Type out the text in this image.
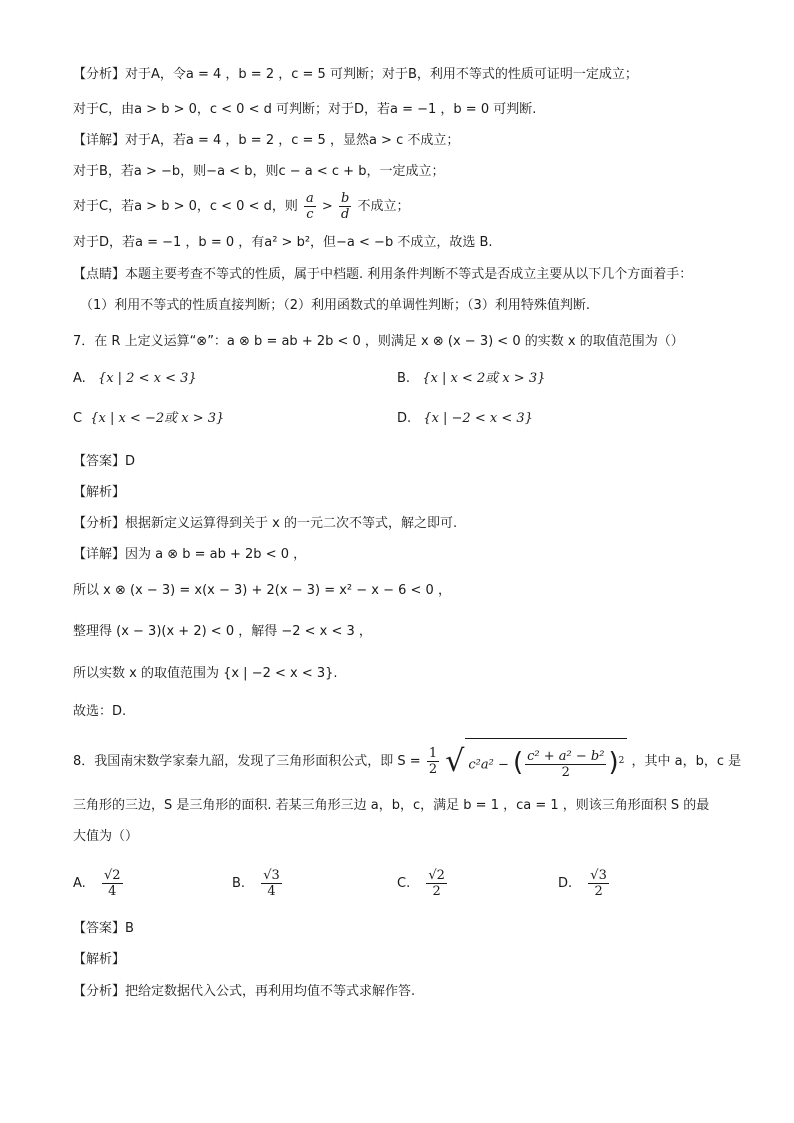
【分析】对于A，令a = 4 ，b = 2 ，c = 5 可判断；对于B，利用不等式的性质可证明一定成立；
对于C，由a > b > 0，c < 0 < d 可判断；对于D，若a = −1 ，b = 0 可判断.
【详解】对于A，若a = 4 ，b = 2 ，c = 5 ，显然a > c 不成立；
对于B，若a > −b，则−a < b，则c − a < c + b，一定成立；
对于C，若a > b > 0，c < 0 < d，则 $\frac{a}{c} > \frac{b}{d}$ 不成立；
对于D，若a = −1 ，b = 0 ，有a² > b²，但−a < −b 不成立，故选 B.
【点睛】本题主要考查不等式的性质，属于中档题. 利用条件判断不等式是否成立主要从以下几个方面着手：
（1）利用不等式的性质直接判断；（2）利用函数式的单调性判断；（3）利用特殊值判断.
7．在 R 上定义运算“⊗”：a ⊗ b = ab + 2b < 0 ，则满足 x ⊗ (x − 3) < 0 的实数 x 的取值范围为（）
A. {x | 2 < x < 3}	B. {x | x < 2或 x > 3}
C {x | x < −2或 x > 3}	D. {x | −2 < x < 3}
【答案】D
【解析】
【分析】根据新定义运算得到关于 x 的一元二次不等式，解之即可.
【详解】因为 a ⊗ b = ab + 2b < 0 ，
所以 x ⊗ (x − 3) = x(x − 3) + 2(x − 3) = x² − x − 6 < 0 ，
整理得 (x − 3)(x + 2) < 0 ，解得 −2 < x < 3 ，
所以实数 x 的取值范围为 {x | −2 < x < 3}.
故选：D.
8．我国南宋数学家秦九韶，发现了三角形面积公式，即 $S = \frac{1}{2}$ √ c²a² − ( $\frac{\text{c² + a² − b²}}{2} )^2$ ，其中 a，b，c 是
三角形的三边，S 是三角形的面积. 若某三角形三边 a，b，c，满足 b = 1 ，ca = 1 ，则该三角形面积 S 的最
大值为（）
A. $\frac{√2}{4}$	B. $\frac{√3}{4}$	C. $\frac{√2}{2}$	D. $\frac{√3}{2}$
【答案】B
【解析】
【分析】把给定数据代入公式，再利用均值不等式求解作答.
